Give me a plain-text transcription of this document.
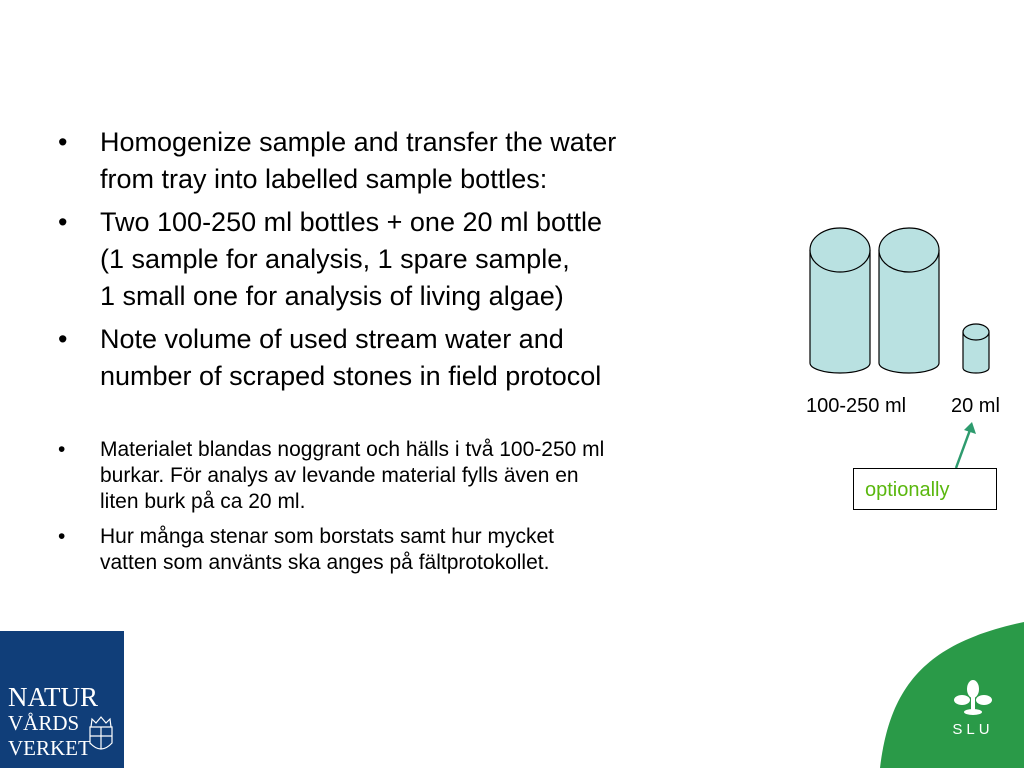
• Homogenize sample and transfer the water
from tray into labelled sample bottles:
• Two 100-250 ml bottles + one 20 ml bottle
(1 sample for analysis, 1 spare sample,
1 small one for analysis of living algae)
• Note volume of used stream water and
number of scraped stones in field protocol
• Materialet blandas noggrant och hälls i två 100-250 ml
burkar. För analys av levande material fylls även en
liten burk på ca 20 ml.
• Hur många stenar som borstats samt hur mycket
vatten som använts ska anges på fältprotokollet.
100-250 ml 20 ml
optionally
NATUR
VÅRDS
VERKET
SLU
